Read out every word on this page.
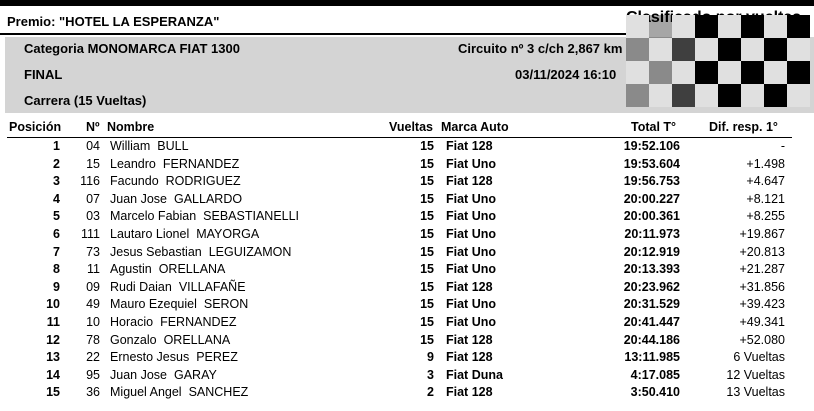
Premio: "HOTEL LA ESPERANZA"	Clasificado
Categoria MONOMARCA FIAT 1300	Circuito nº 3 c/ch 2,867 km
FINAL	03/11/2024 16:10
Carrera (15 Vueltas)
Posición Nº Nombre	Vueltas Marca Auto	Total T°	Dif. resp. 1°
1	04 William BULL	15 Fiat 128	19:52.106	-
2	15 Leandro FERNANDEZ	15 Fiat Uno	19:53.604	+1.498
3	116 Facundo RODRIGUEZ	15 Fiat 128	19:56.753	+4.647
4	07 Juan Jose GALLARDO	15 Fiat Uno	20:00.227	+8.121
5	03 Marcelo Fabian SEBASTIANELLI	15 Fiat Uno	20:00.361	+8.255
6	111 Lautaro Lionel MAYORGA	15 Fiat Uno	20:11.973	+19.867
7	73 Jesus Sebastian LEGUIZAMON	15 Fiat Uno	20:12.919	+20.813
8	11 Agustin ORELLANA	15 Fiat Uno	20:13.393	+21.287
9	09 Rudi Daian VILLAFAÑE	15 Fiat 128	20:23.962	+31.856
10	49 Mauro Ezequiel SERON	15 Fiat Uno	20:31.529	+39.423
11	10 Horacio FERNANDEZ	15 Fiat Uno	20:41.447	+49.341
12	78 Gonzalo ORELLANA	15 Fiat 128	20:44.186	+52.080
13	22 Ernesto Jesus PEREZ	9 Fiat 128	13:11.985	6 Vueltas
14	95 Juan Jose GARAY	3 Fiat Duna	4:17.085	12 Vueltas
15	36 Miguel Angel SANCHEZ	2 Fiat 128	3:50.410	13 Vueltas
